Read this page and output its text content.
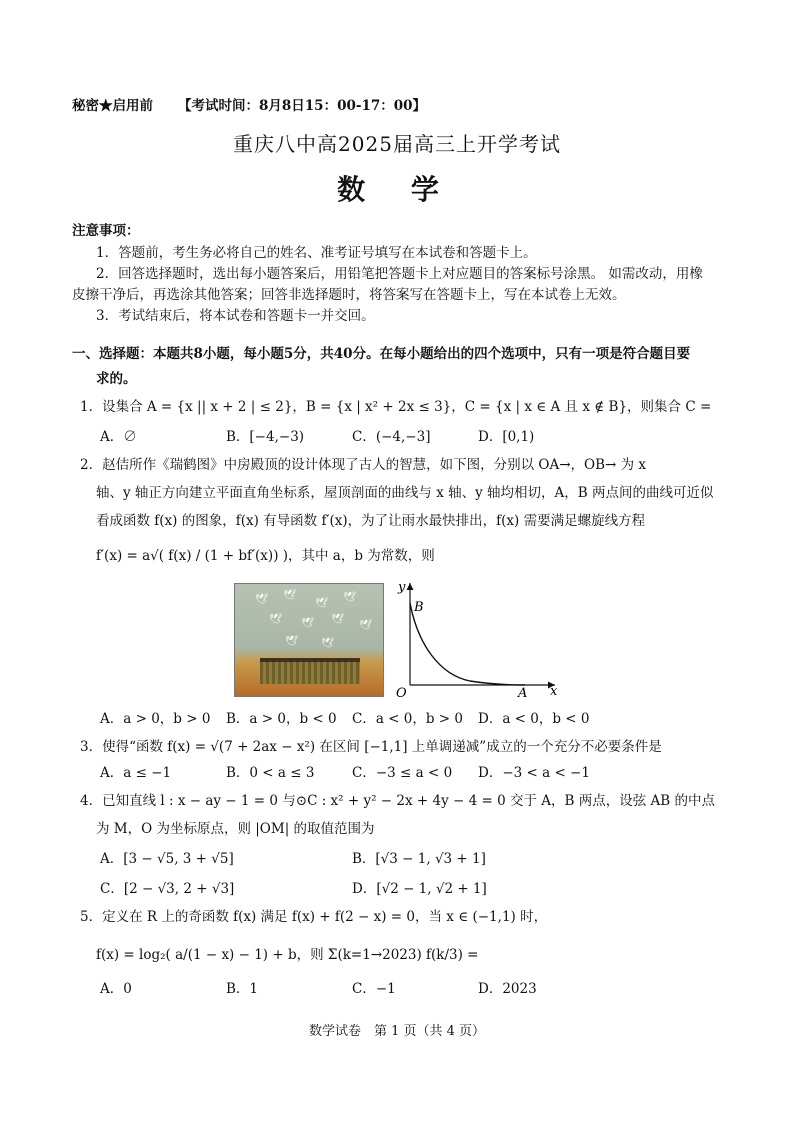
秘密★启用前 【考试时间：8月8日15：00-17：00】
重庆八中高2025届高三上开学考试
数 学
注意事项：
1．答题前，考生务必将自己的姓名、准考证号填写在本试卷和答题卡上。
2．回答选择题时，选出每小题答案后，用铅笔把答题卡上对应题目的答案标号涂黑。 如需改动，用橡
皮擦干净后，再选涂其他答案；回答非选择题时，将答案写在答题卡上，写在本试卷上无效。
3．考试结束后，将本试卷和答题卡一并交回。
一、选择题：本题共8小题，每小题5分，共40分。在每小题给出的四个选项中，只有一项是符合题目要
求的。
1．设集合 A = {x || x + 2 | ≤ 2}，B = {x | x² + 2x ≤ 3}，C = {x | x ∈ A 且 x ∉ B}，则集合 C =
A．∅	B．[−4,−3)	C．(−4,−3]	D．[0,1)
2．赵佶所作《瑞鹤图》中房殿顶的设计体现了古人的智慧，如下图，分别以 OA→，OB→ 为 x
轴、y 轴正方向建立平面直角坐标系，屋顶剖面的曲线与 x 轴、y 轴均相切，A，B 两点间的曲线可近似
看成函数 f(x) 的图象，f(x) 有导函数 f′(x)，为了让雨水最快排出，f(x) 需要满足螺旋线方程
f′(x) = a√( f(x) / (1 + bf′(x)) )，其中 a，b 为常数，则
🕊 🕊
🕊
🕊
🕊 🕊 🕊
🕊
🕊 🕊
y
x
O	A
B
A．a > 0，b > 0 B．a > 0，b < 0 C．a < 0，b > 0 D．a < 0，b < 0
3．使得“函数 f(x) = √(7 + 2ax − x²) 在区间 [−1,1] 上单调递减”成立的一个充分不必要条件是
A．a ≤ −1	B．0 < a ≤ 3	C．−3 ≤ a < 0 D．−3 < a < −1
4．已知直线 l : x − ay − 1 = 0 与⊙C : x² + y² − 2x + 4y − 4 = 0 交于 A，B 两点，设弦 AB 的中点
为 M，O 为坐标原点，则 |OM| 的取值范围为
A．[3 − √5, 3 + √5]	B．[√3 − 1, √3 + 1]
C．[2 − √3, 2 + √3]	D．[√2 − 1, √2 + 1]
5．定义在 R 上的奇函数 f(x) 满足 f(x) + f(2 − x) = 0，当 x ∈ (−1,1) 时，
f(x) = log₂( a/(1 − x) − 1) + b，则 Σ(k=1→2023) f(k/3) =
A．0	B．1	C．−1	D．2023
数学试卷　第 1 页（共 4 页）
